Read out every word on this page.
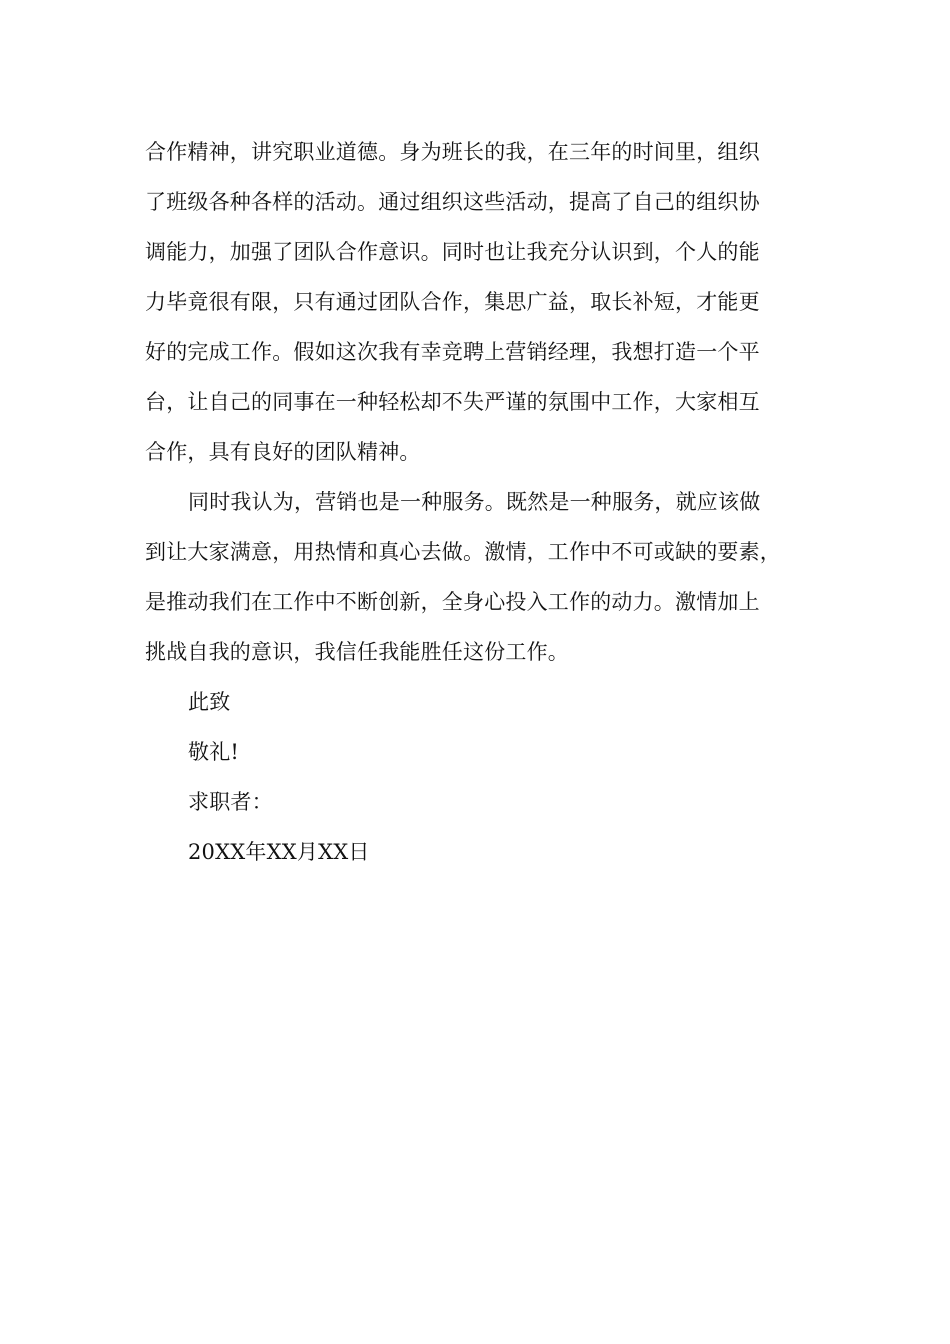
合作精神，讲究职业道德。身为班长的我，在三年的时间里，组织
了班级各种各样的活动。通过组织这些活动，提高了自己的组织协
调能力，加强了团队合作意识。同时也让我充分认识到，个人的能
力毕竟很有限，只有通过团队合作，集思广益，取长补短，才能更
好的完成工作。假如这次我有幸竞聘上营销经理，我想打造一个平
台，让自己的同事在一种轻松却不失严谨的氛围中工作，大家相互
合作，具有良好的团队精神。
同时我认为，营销也是一种服务。既然是一种服务，就应该做
到让大家满意，用热情和真心去做。激情，工作中不可或缺的要素，
是推动我们在工作中不断创新，全身心投入工作的动力。激情加上
挑战自我的意识，我信任我能胜任这份工作。
此致
敬礼!
求职者：
20XX年XX月XX日
